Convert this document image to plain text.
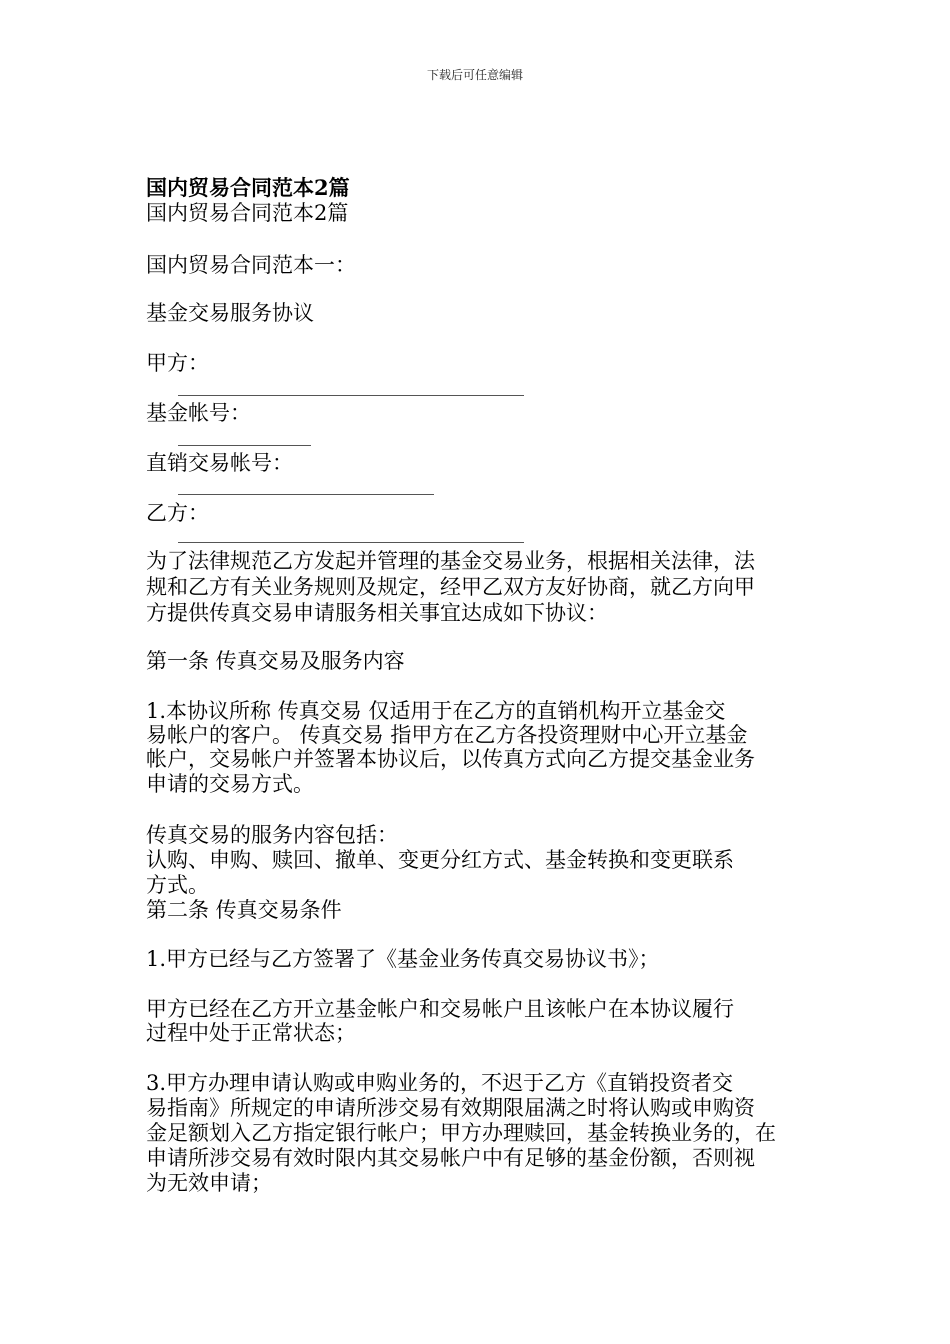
下载后可任意编辑
国内贸易合同范本2篇
国内贸易合同范本2篇
国内贸易合同范本一：
基金交易服务协议
甲方：
基金帐号：
直销交易帐号：
乙方：
为了法律规范乙方发起并管理的基金交易业务，根据相关法律，法
规和乙方有关业务规则及规定，经甲乙双方友好协商，就乙方向甲
方提供传真交易申请服务相关事宜达成如下协议：
第一条 传真交易及服务内容
1.本协议所称 传真交易 仅适用于在乙方的直销机构开立基金交
易帐户的客户。 传真交易 指甲方在乙方各投资理财中心开立基金
帐户，交易帐户并签署本协议后，以传真方式向乙方提交基金业务
申请的交易方式。
传真交易的服务内容包括：
认购、申购、赎回、撤单、变更分红方式、基金转换和变更联系
方式。
第二条 传真交易条件
1.甲方已经与乙方签署了《基金业务传真交易协议书》；
甲方已经在乙方开立基金帐户和交易帐户且该帐户在本协议履行
过程中处于正常状态；
3.甲方办理申请认购或申购业务的，不迟于乙方《直销投资者交
易指南》所规定的申请所涉交易有效期限届满之时将认购或申购资
金足额划入乙方指定银行帐户；甲方办理赎回，基金转换业务的，在
申请所涉交易有效时限内其交易帐户中有足够的基金份额，否则视
为无效申请；
